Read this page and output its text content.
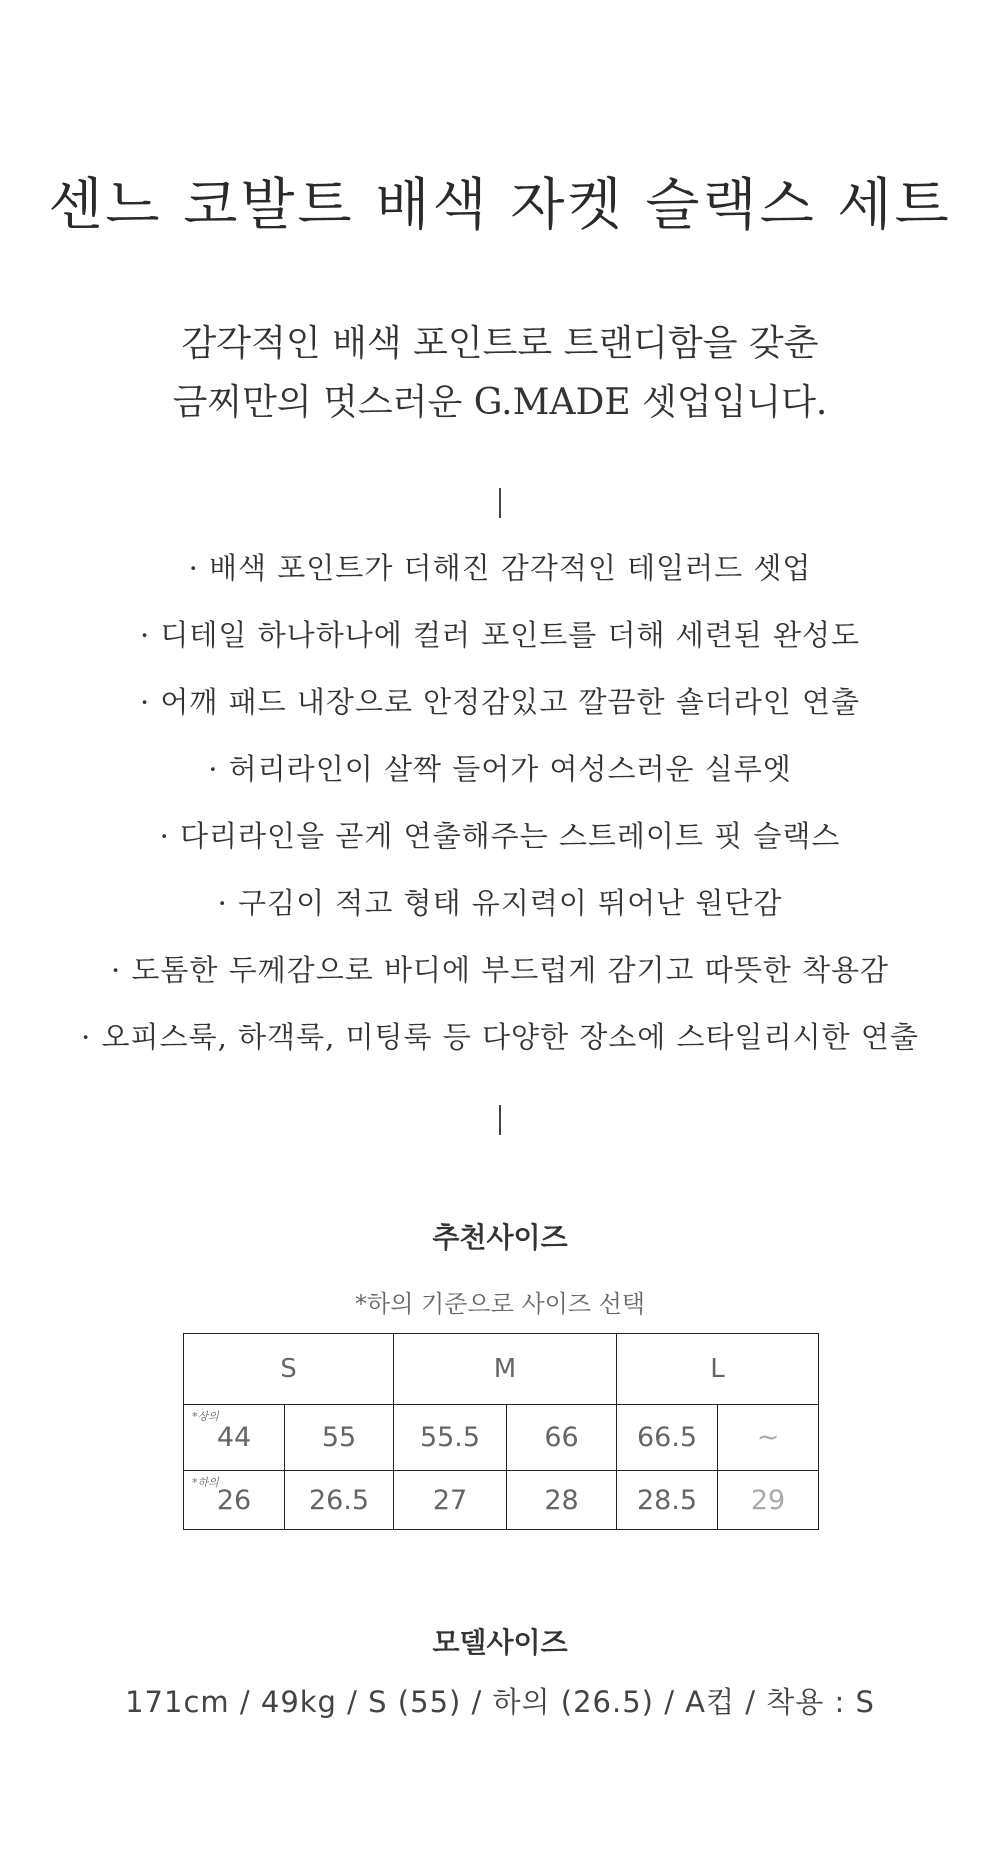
센느 코발트 배색 자켓 슬랙스 세트
감각적인 배색 포인트로 트랜디함을 갖춘
금찌만의 멋스러운 G.MADE 셋업입니다.
· 배색 포인트가 더해진 감각적인 테일러드 셋업
· 디테일 하나하나에 컬러 포인트를 더해 세련된 완성도
· 어깨 패드 내장으로 안정감있고 깔끔한 숄더라인 연출
· 허리라인이 살짝 들어가 여성스러운 실루엣
· 다리라인을 곧게 연출해주는 스트레이트 핏 슬랙스
· 구김이 적고 형태 유지력이 뛰어난 원단감
· 도톰한 두께감으로 바디에 부드럽게 감기고 따뜻한 착용감
· 오피스룩, 하객룩, 미팅룩 등 다양한 장소에 스타일리시한 연출
추천사이즈
*하의 기준으로 사이즈 선택
S		M		L	

*상의
44	55	55.5	66	66.5	~

*하의
26	26.5	27	28	28.5	29
모델사이즈
171cm / 49kg / S (55) / 하의 (26.5) / A컵 / 착용 : S
